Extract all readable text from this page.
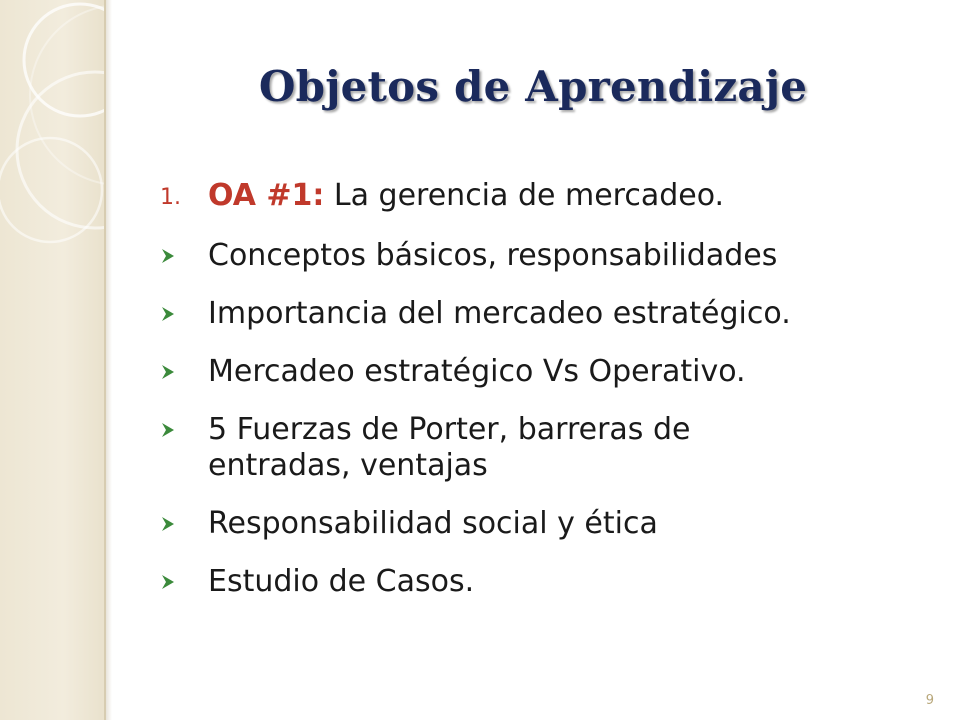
Objetos de Aprendizaje
1. OA #1: La gerencia de mercadeo.
Conceptos básicos, responsabilidades
Importancia del mercadeo estratégico.
Mercadeo estratégico Vs Operativo.
5 Fuerzas de Porter, barreras de entradas, ventajas
Responsabilidad social y ética
Estudio de Casos.
9
